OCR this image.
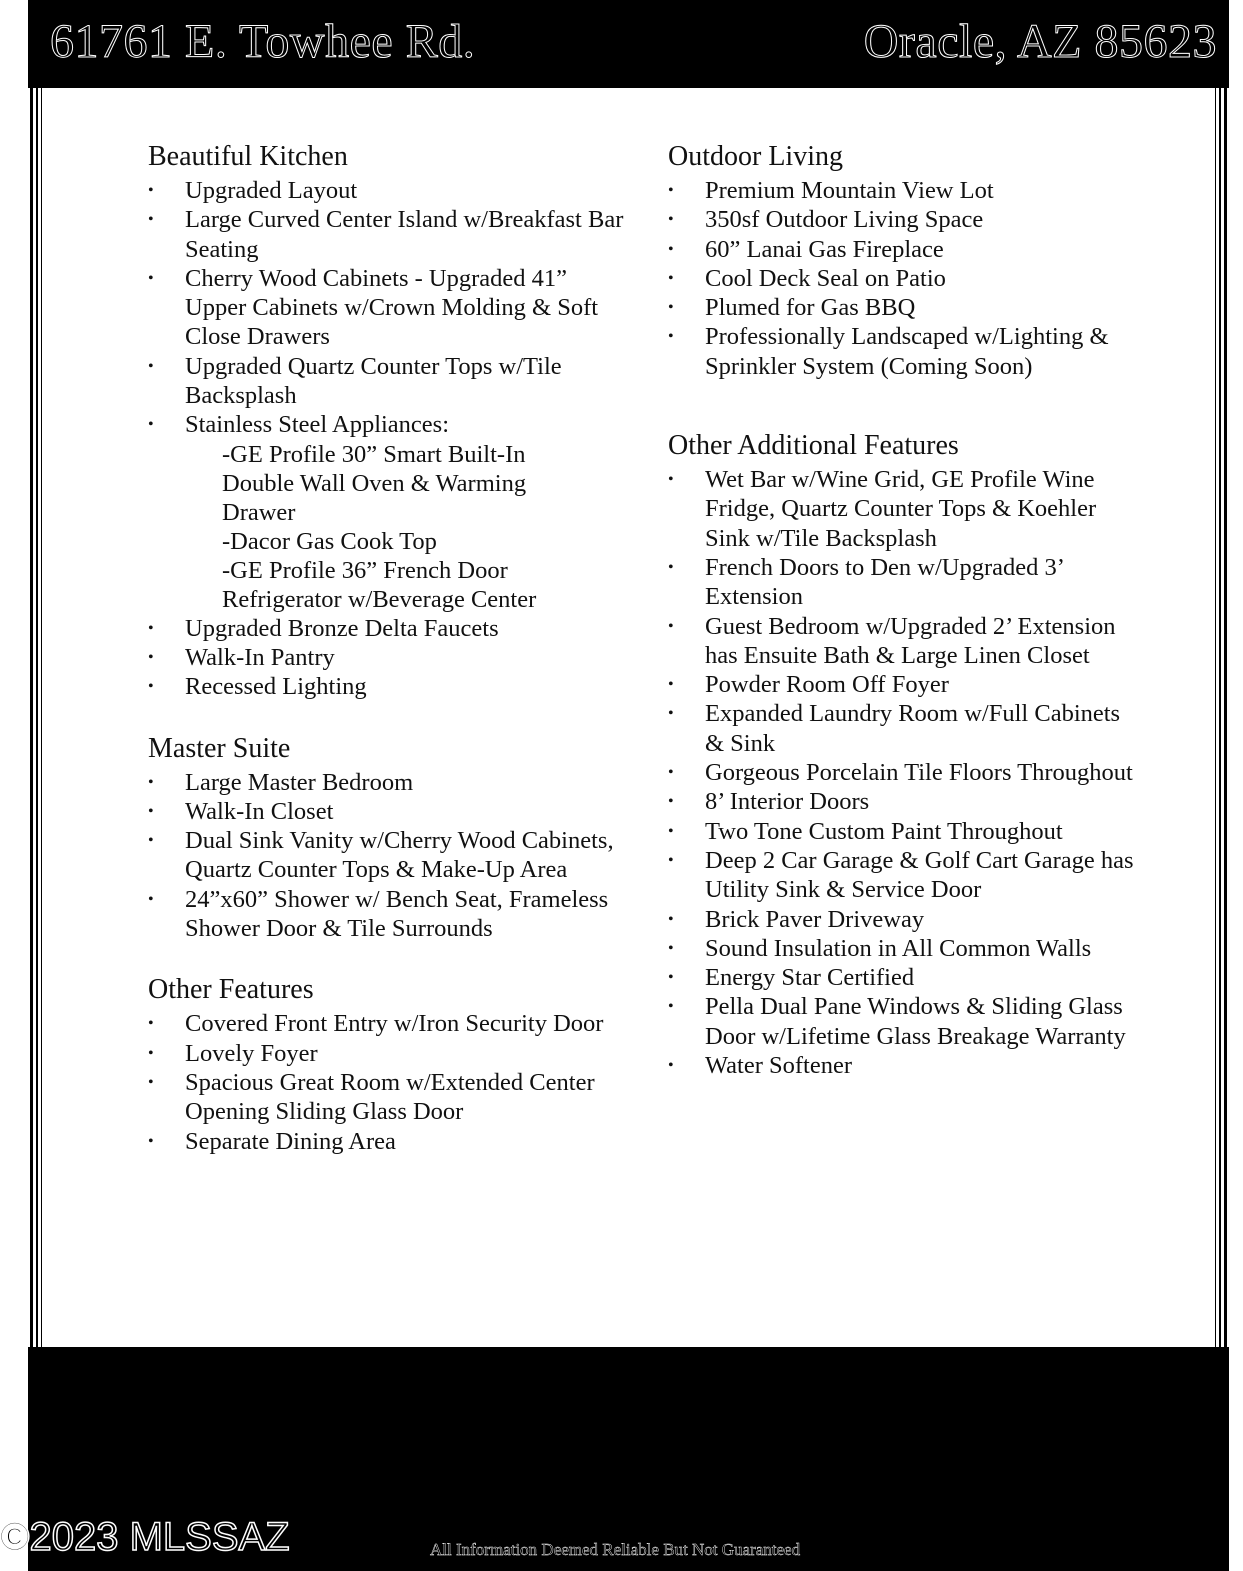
61761 E. Towhee Rd.	Oracle, AZ 85623
Beautiful Kitchen
• Upgraded Layout
• Large Curved Center Island w/Breakfast Bar Seating
• Cherry Wood Cabinets - Upgraded 41” Upper Cabinets w/Crown Molding & Soft Close Drawers
• Upgraded Quartz Counter Tops w/Tile Backsplash
• Stainless Steel Appliances:
-GE Profile 30” Smart Built-In
Double Wall Oven & Warming
Drawer
-Dacor Gas Cook Top
-GE Profile 36” French Door
Refrigerator w/Beverage Center
• Upgraded Bronze Delta Faucets
• Walk-In Pantry
• Recessed Lighting
Master Suite
• Large Master Bedroom
• Walk-In Closet
• Dual Sink Vanity w/Cherry Wood Cabinets, Quartz Counter Tops & Make-Up Area
• 24”x60” Shower w/ Bench Seat, Frameless Shower Door & Tile Surrounds
Other Features
• Covered Front Entry w/Iron Security Door
• Lovely Foyer
• Spacious Great Room w/Extended Center Opening Sliding Glass Door
• Separate Dining Area
Outdoor Living
• Premium Mountain View Lot
• 350sf Outdoor Living Space
• 60” Lanai Gas Fireplace
• Cool Deck Seal on Patio
• Plumed for Gas BBQ
• Professionally Landscaped w/Lighting & Sprinkler System (Coming Soon)
Other Additional Features
• Wet Bar w/Wine Grid, GE Profile Wine Fridge, Quartz Counter Tops & Koehler Sink w/Tile Backsplash
• French Doors to Den w/Upgraded 3’ Extension
• Guest Bedroom w/Upgraded 2’ Extension has Ensuite Bath & Large Linen Closet
• Powder Room Off Foyer
• Expanded Laundry Room w/Full Cabinets & Sink
• Gorgeous Porcelain Tile Floors Throughout
• 8’ Interior Doors
• Two Tone Custom Paint Throughout
• Deep 2 Car Garage & Golf Cart Garage has Utility Sink & Service Door
• Brick Paver Driveway
• Sound Insulation in All Common Walls
• Energy Star Certified
• Pella Dual Pane Windows & Sliding Glass Door w/Lifetime Glass Breakage Warranty
• Water Softener
©2023 MLSSAZ	All Information Deemed Reliable But Not Guaranteed
